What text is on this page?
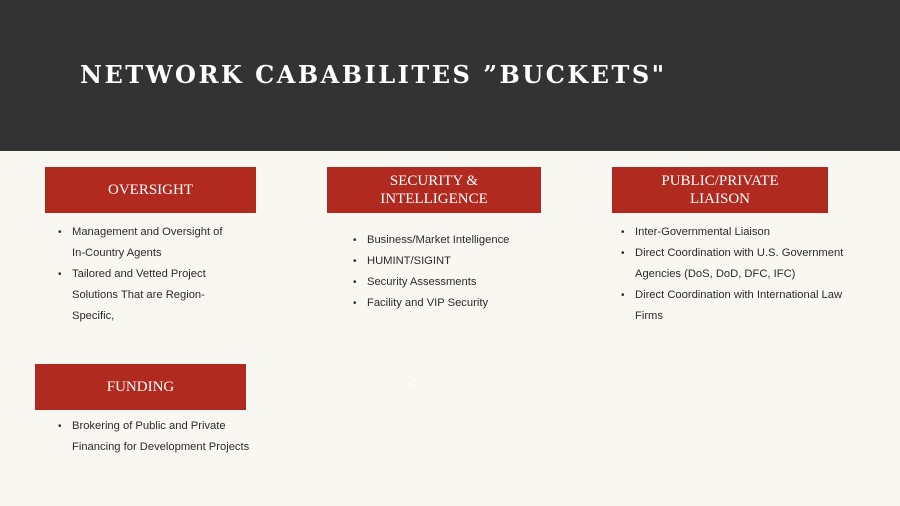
NETWORK CABABILITES ”BUCKETS"
OVERSIGHT
• Management and Oversight of In-Country Agents
• Tailored and Vetted Project Solutions That are Region-Specific,
SECURITY &
INTELLIGENCE
• Business/Market Intelligence
• HUMINT/SIGINT
• Security Assessments
• Facility and VIP Security
PUBLIC/PRIVATE
LIAISON
• Inter-Governmental Liaison
• Direct Coordination with U.S. Government Agencies (DoS, DoD, DFC, IFC)
• Direct Coordination with International Law Firms
FUNDING
• Brokering of Public and Private Financing for Development Projects
C
